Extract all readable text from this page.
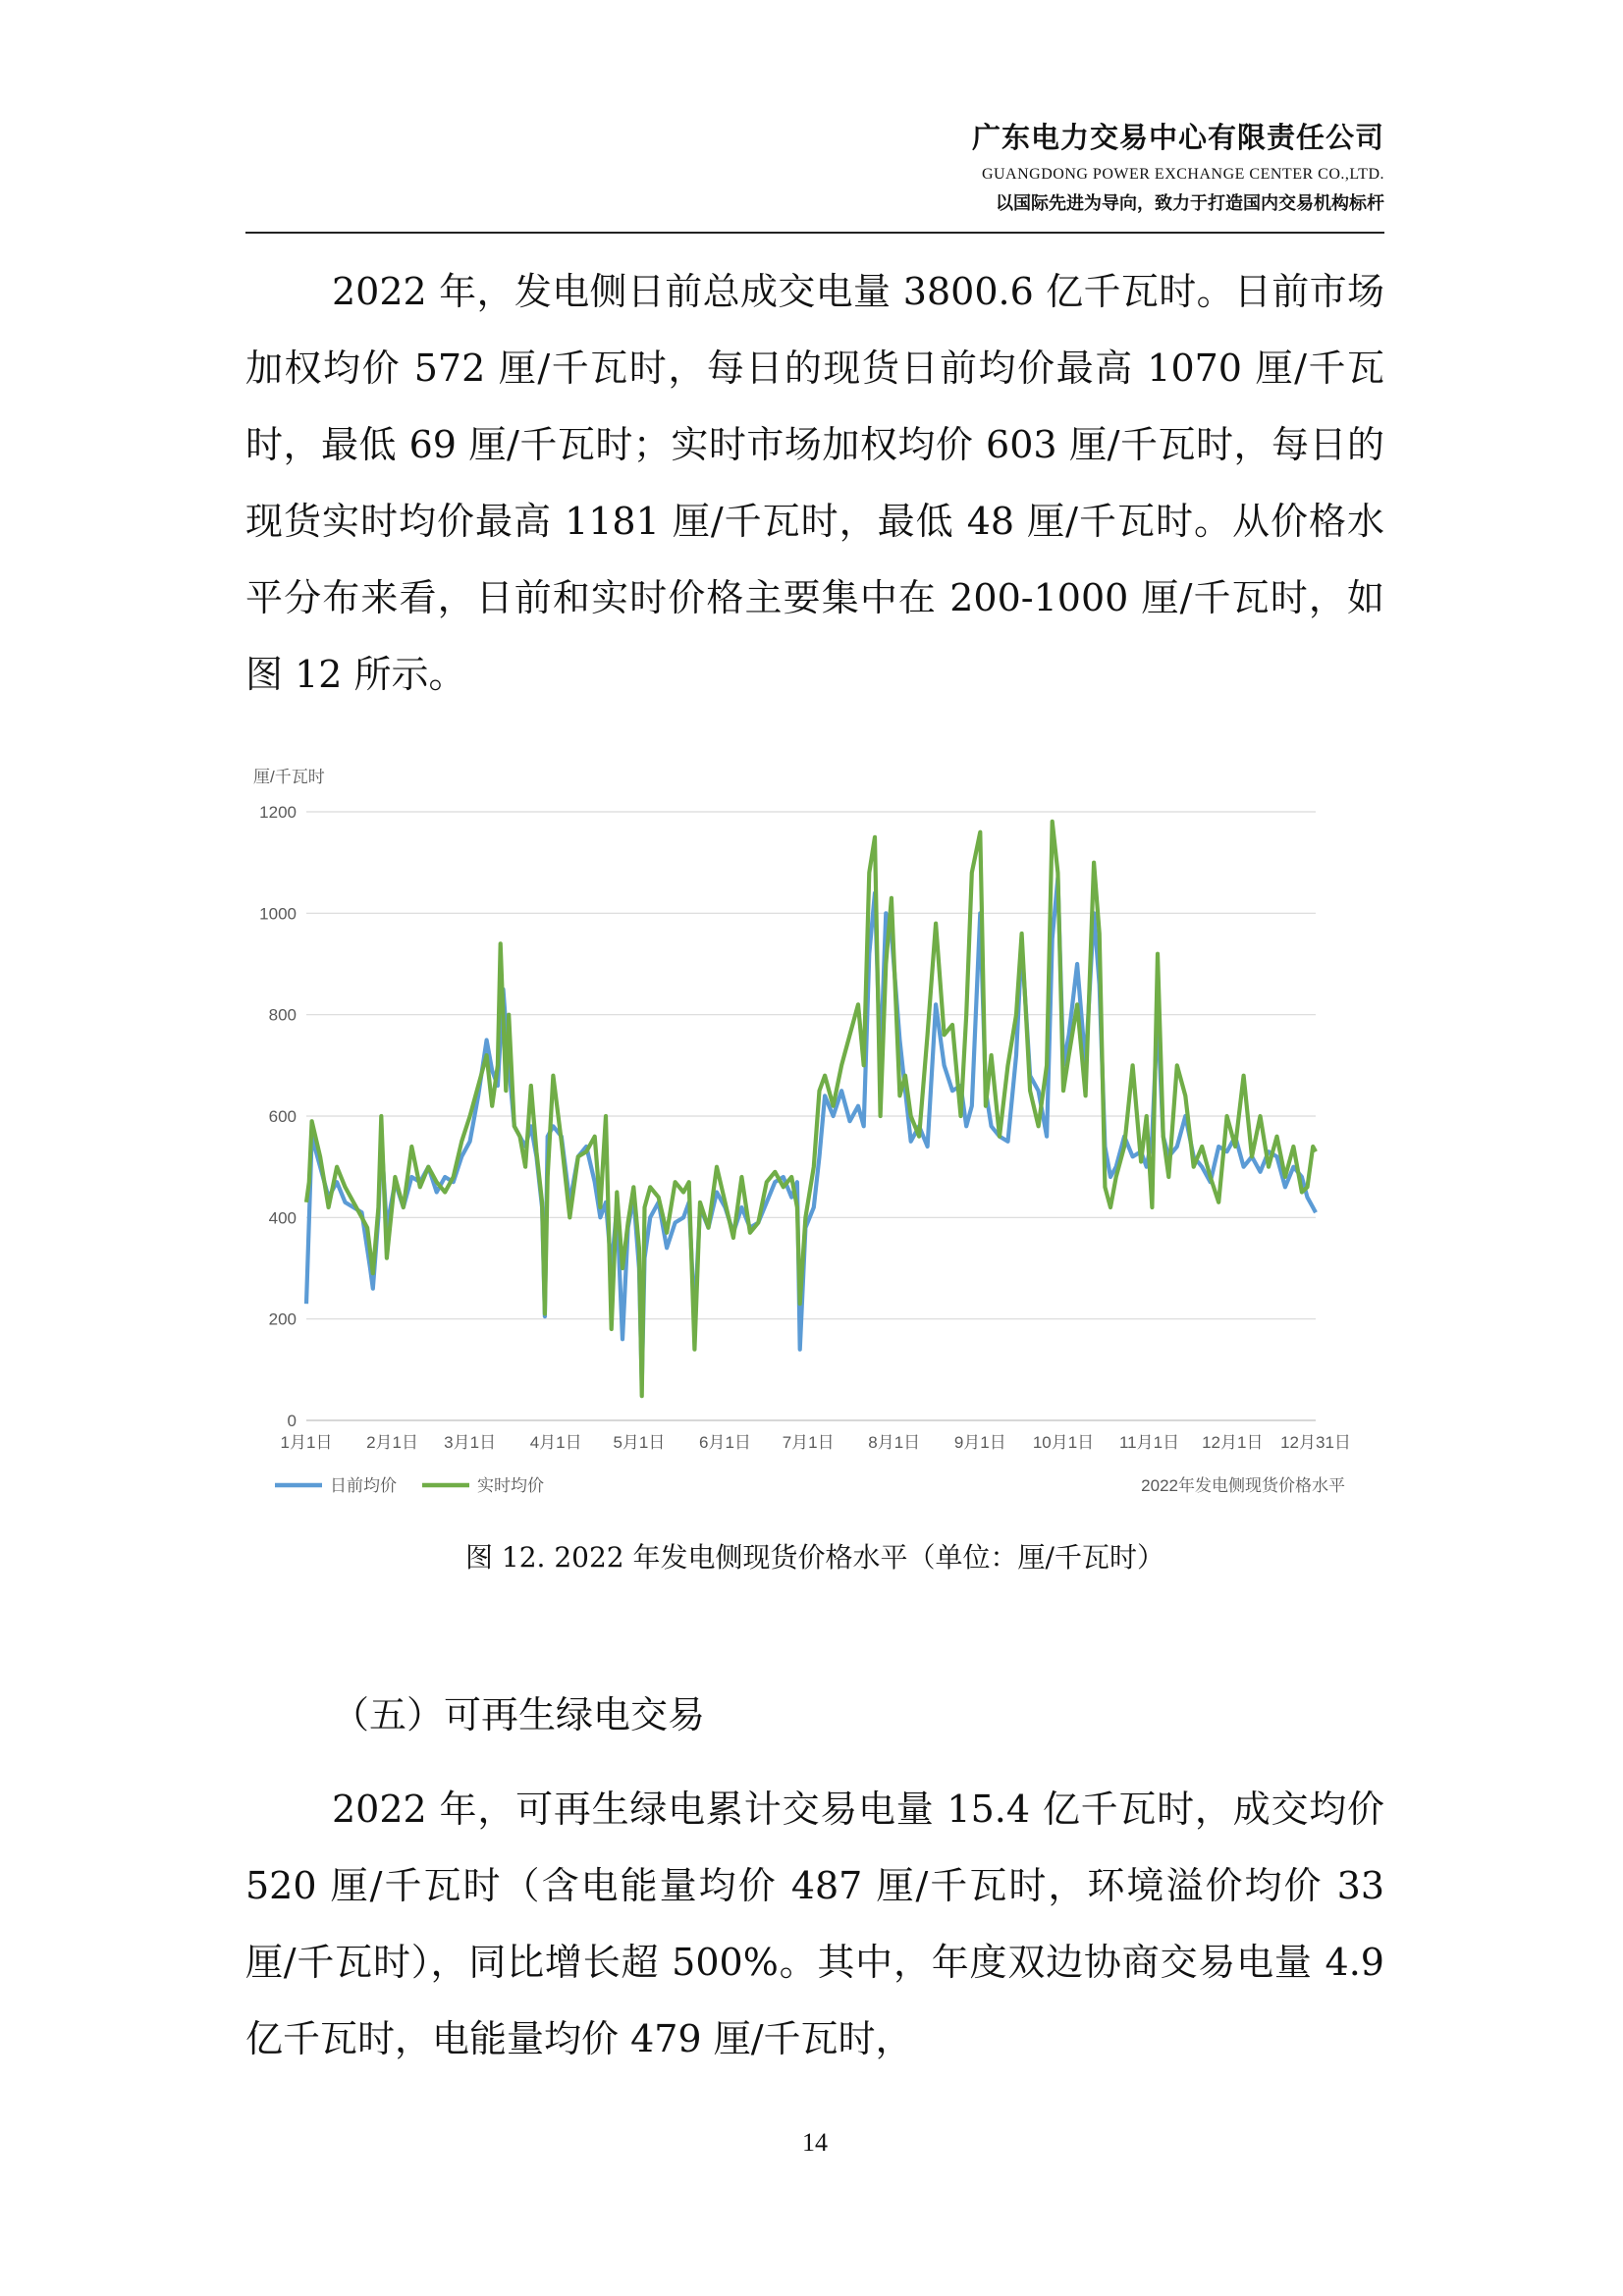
广东电力交易中心有限责任公司
GUANGDONG POWER EXCHANGE CENTER CO.,LTD.
以国际先进为导向，致力于打造国内交易机构标杆
2022 年，发电侧日前总成交电量 3800.6 亿千瓦时。日前市场加权均价 572 厘/千瓦时，每日的现货日前均价最高 1070 厘/千瓦时，最低 69 厘/千瓦时；实时市场加权均价 603 厘/千瓦时，每日的现货实时均价最高 1181 厘/千瓦时，最低 48 厘/千瓦时。从价格水平分布来看，日前和实时价格主要集中在 200-1000 厘/千瓦时，如图 12 所示。
0
200
400
600
800
1000
1200
1月1日 2月1日 3月1日 4月1日 5月1日 6月1日 7月1日 8月1日 9月1日 10月1日 11月1日 12月1日 12月31日
厘/千瓦时
日前均价	实时均价	2022年发电侧现货价格水平
图 12. 2022 年发电侧现货价格水平（单位：厘/千瓦时）
（五）可再生绿电交易
2022 年，可再生绿电累计交易电量 15.4 亿千瓦时，成交均价 520 厘/千瓦时（含电能量均价 487 厘/千瓦时，环境溢价均价 33 厘/千瓦时），同比增长超 500%。其中，年度双边协商交易电量 4.9 亿千瓦时，电能量均价 479 厘/千瓦时，
14
